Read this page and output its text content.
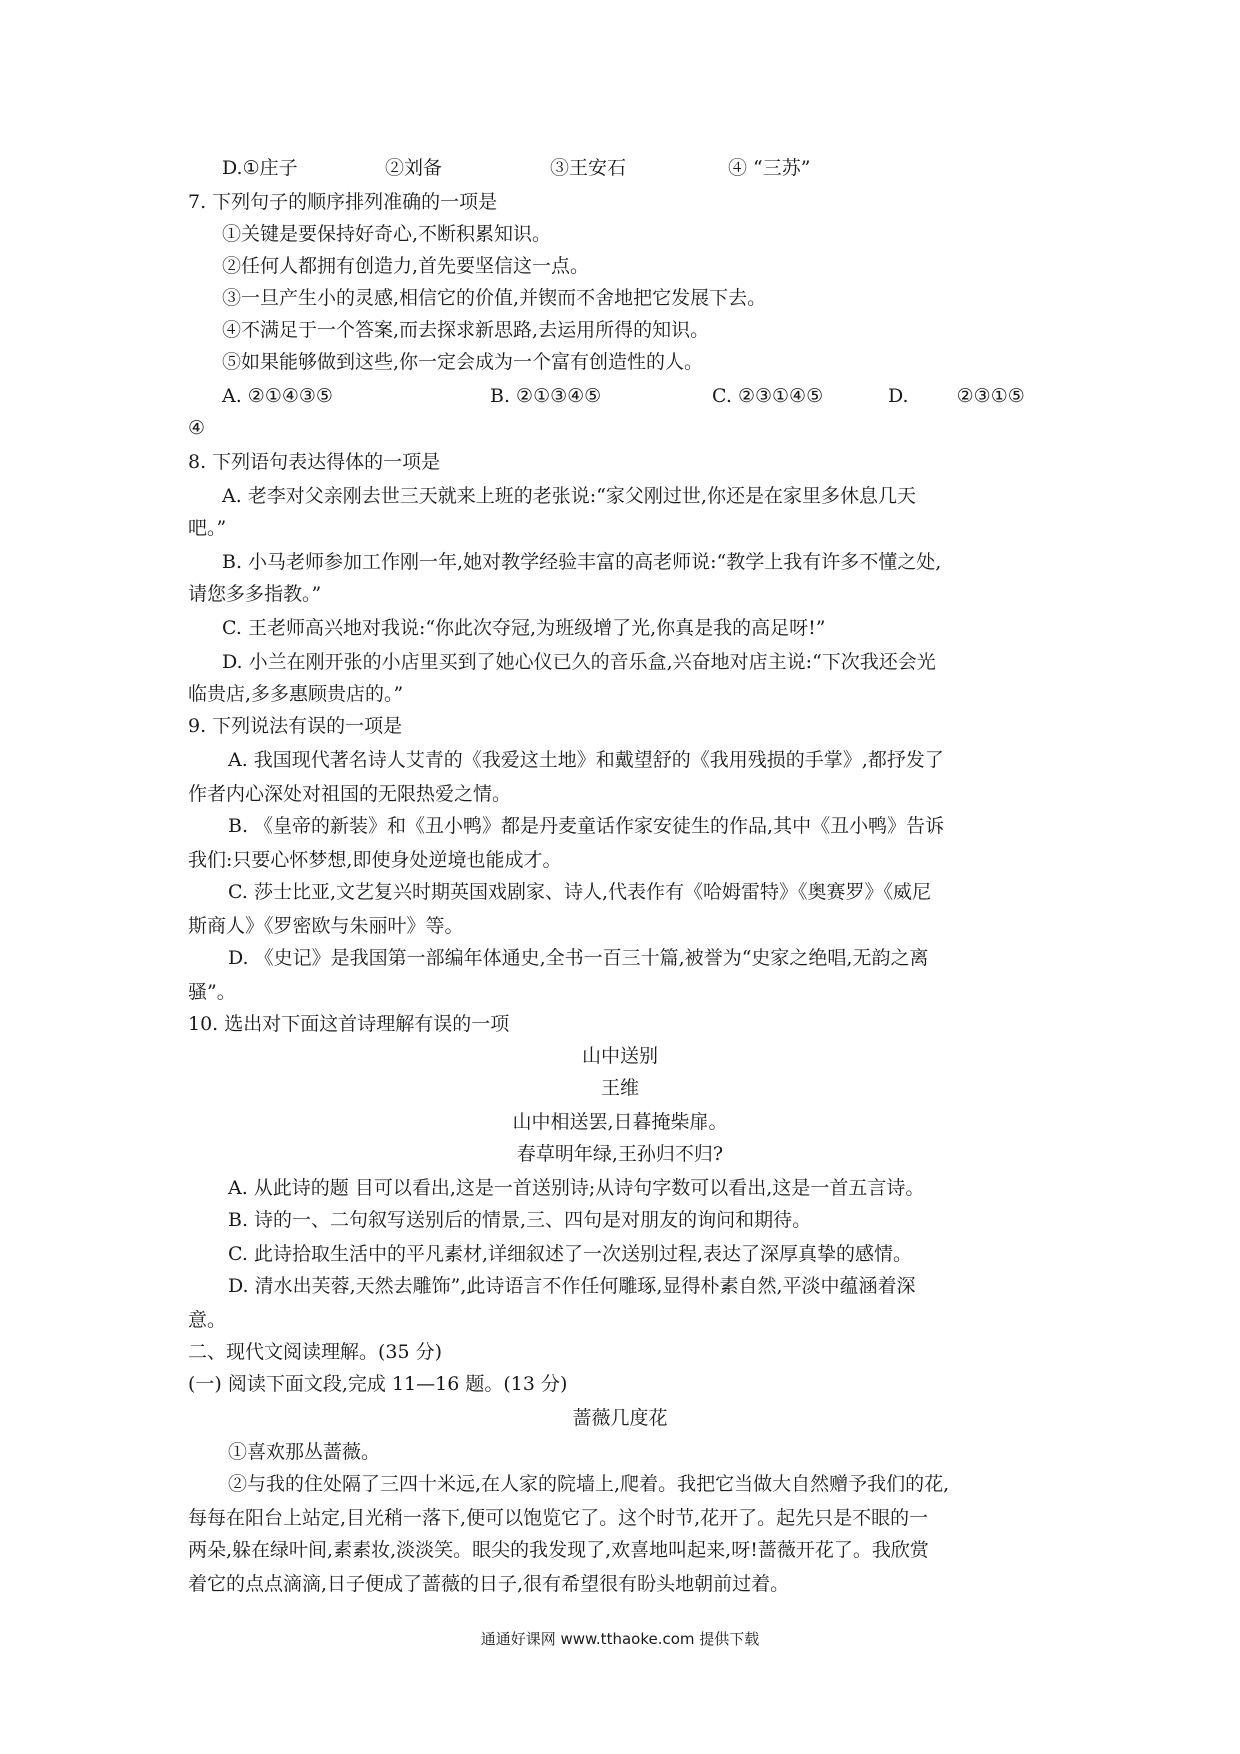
D.①庄子	②刘备	③王安石	④ “三苏”
7. 下列句子的顺序排列准确的一项是
①关键是要保持好奇心,不断积累知识。
②任何人都拥有创造力,首先要坚信这一点。
③一旦产生小的灵感,相信它的价值,并锲而不舍地把它发展下去。
④不满足于一个答案,而去探求新思路,去运用所得的知识。
⑤如果能够做到这些,你一定会成为一个富有创造性的人。
A. ②①④③⑤	B. ②①③④⑤	C. ②③①④⑤	D. ②③①⑤
④
8. 下列语句表达得体的一项是
A. 老李对父亲刚去世三天就来上班的老张说:“家父刚过世,你还是在家里多休息几天
吧。”
B. 小马老师参加工作刚一年,她对教学经验丰富的高老师说:“教学上我有许多不懂之处,
请您多多指教。”
C. 王老师高兴地对我说:“你此次夺冠,为班级增了光,你真是我的高足呀!”
D. 小兰在刚开张的小店里买到了她心仪已久的音乐盒,兴奋地对店主说:“下次我还会光
临贵店,多多惠顾贵店的。”
9. 下列说法有误的一项是
A. 我国现代著名诗人艾青的《我爱这土地》和戴望舒的《我用残损的手掌》,都抒发了
作者内心深处对祖国的无限热爱之情。
B. 《皇帝的新装》和《丑小鸭》都是丹麦童话作家安徒生的作品,其中《丑小鸭》告诉
我们:只要心怀梦想,即使身处逆境也能成才。
C. 莎士比亚,文艺复兴时期英国戏剧家、诗人,代表作有《哈姆雷特》《奥赛罗》《威尼
斯商人》《罗密欧与朱丽叶》等。
D. 《史记》是我国第一部编年体通史,全书一百三十篇,被誉为“史家之绝唱,无韵之离
骚”。
10. 选出对下面这首诗理解有误的一项
山中送别
王维
山中相送罢,日暮掩柴扉。
春草明年绿,王孙归不归?
A. 从此诗的题 目可以看出,这是一首送别诗;从诗句字数可以看出,这是一首五言诗。
B. 诗的一、二句叙写送别后的情景,三、四句是对朋友的询问和期待。
C. 此诗拾取生活中的平凡素材,详细叙述了一次送别过程,表达了深厚真挚的感情。
D. 清水出芙蓉,天然去雕饰”,此诗语言不作任何雕琢,显得朴素自然,平淡中蕴涵着深
意。
二、现代文阅读理解。(35 分)
(一) 阅读下面文段,完成 11—16 题。(13 分)
蔷薇几度花
①喜欢那丛蔷薇。
②与我的住处隔了三四十米远,在人家的院墙上,爬着。我把它当做大自然赠予我们的花,
每每在阳台上站定,目光稍一落下,便可以饱览它了。这个时节,花开了。起先只是不眼的一
两朵,躲在绿叶间,素素妆,淡淡笑。眼尖的我发现了,欢喜地叫起来,呀!蔷薇开花了。我欣赏
着它的点点滴滴,日子便成了蔷薇的日子,很有希望很有盼头地朝前过着。
通通好课网 www.tthaoke.com 提供下载
